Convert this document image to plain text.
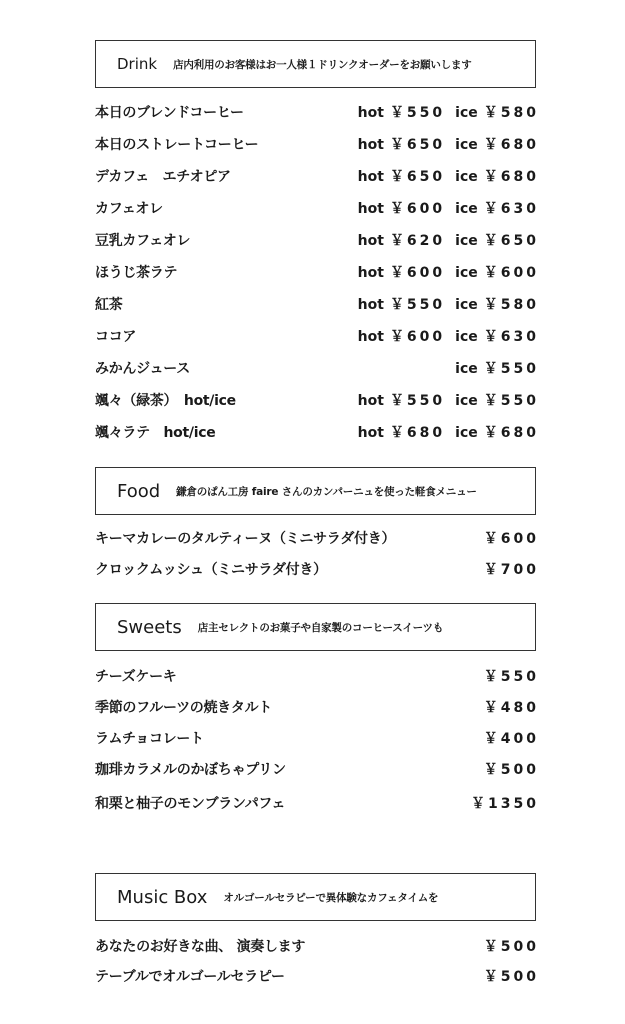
Drink 店内利用のお客様はお一人様１ドリンクオーダーをお願いします
本日のブレンドコーヒー	hot ￥550 ice ￥580
本日のストレートコーヒー	hot ￥650 ice ￥680
デカフェ　エチオピア	hot ￥650 ice ￥680
カフェオレ	hot ￥600 ice ￥630
豆乳カフェオレ	hot ￥620 ice ￥650
ほうじ茶ラテ	hot ￥600 ice ￥600
紅茶	hot ￥550 ice ￥580
ココア	hot ￥600 ice ￥630
みかんジュース	ice ￥550
颯々（緑茶）　hot/ice	hot ￥550 ice ￥550
颯々ラテ　hot/ice	hot ￥680 ice ￥680
Food 鎌倉のぱん工房 faire さんのカンパーニュを使った軽食メニュー
キーマカレーのタルティーヌ（ミニサラダ付き）	￥600
クロックムッシュ（ミニサラダ付き）	￥700
Sweets 店主セレクトのお菓子や自家製のコーヒースイーツも
チーズケーキ	￥550
季節のフルーツの焼きタルト	￥480
ラムチョコレート	￥400
珈琲カラメルのかぼちゃプリン	￥500
和栗と柚子のモンブランパフェ	￥1350
Music Box オルゴールセラピーで異体験なカフェタイムを
あなたのお好きな曲、 演奏します	￥500
テーブルでオルゴールセラピー	￥500
